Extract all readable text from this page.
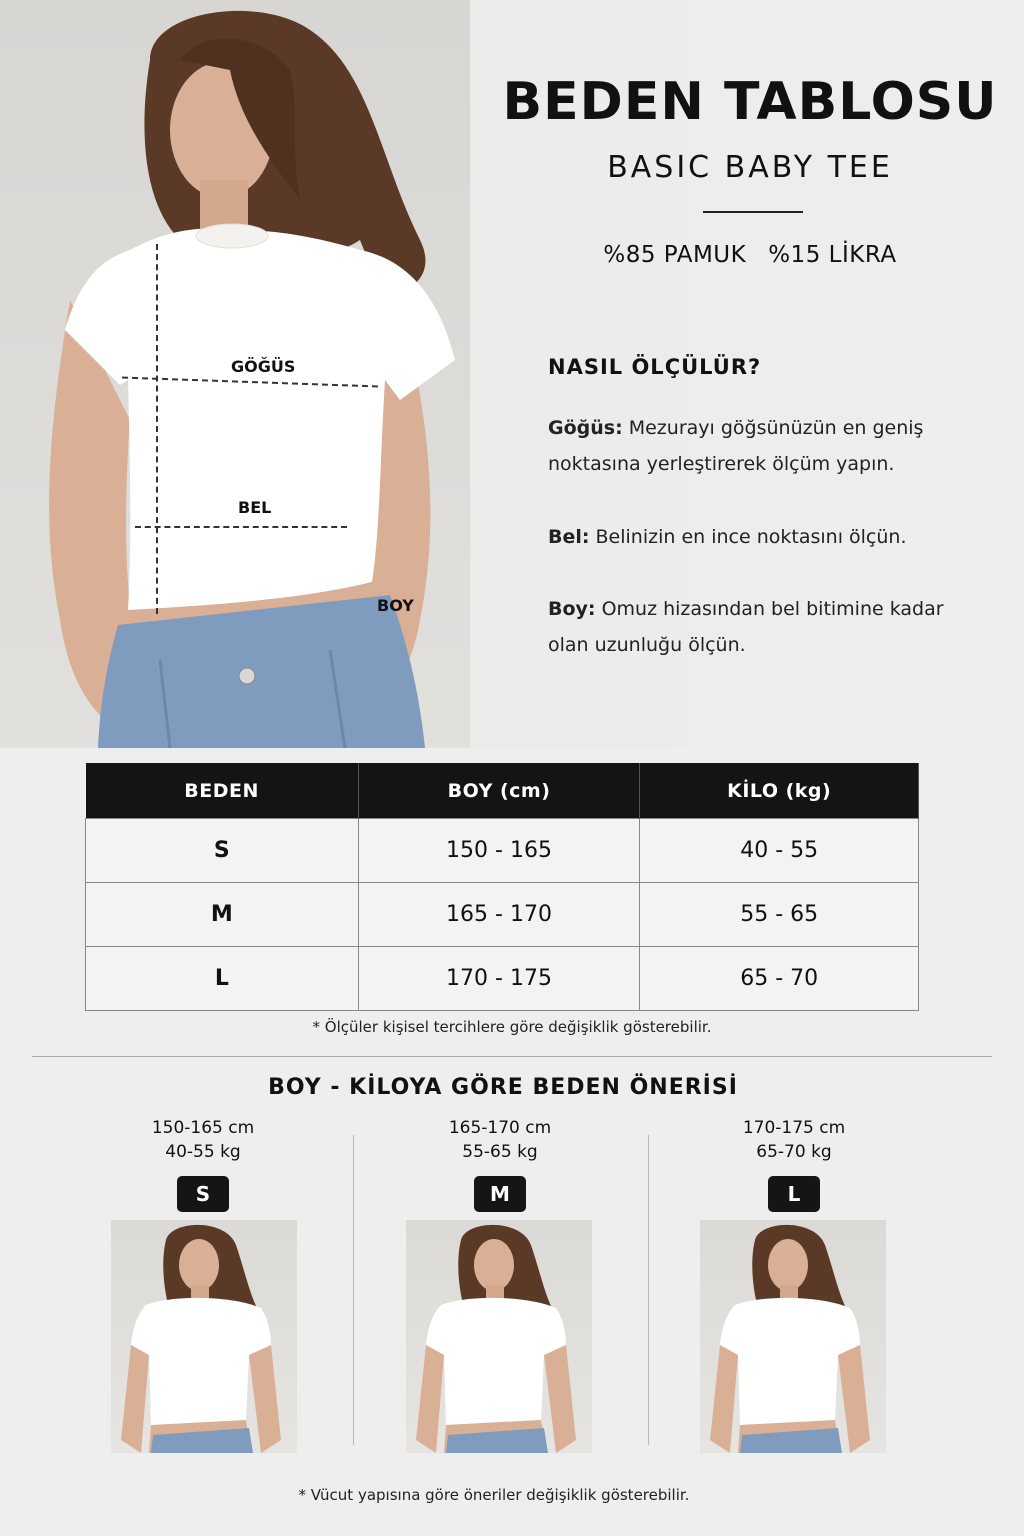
GÖĞÜS
BEL
BOY
BEDEN TABLOSU
BASIC BABY TEE
%85 PAMUK %15 LİKRA
NASIL ÖLÇÜLÜR?
Göğüs: Mezurayı göğsünüzün en geniş noktasına yerleştirerek ölçüm yapın.
Bel: Belinizin en ince noktasını ölçün.
Boy: Omuz hizasından bel bitimine kadar olan uzunluğu ölçün.
BEDEN	BOY (cm)	KİLO (kg)
S	150 - 165	40 - 55
M	165 - 170	55 - 65
L	170 - 175	65 - 70
* Ölçüler kişisel tercihlere göre değişiklik gösterebilir.
BOY - KİLOYA GÖRE BEDEN ÖNERİSİ
150-165 cm
40-55 kg
S
165-170 cm
55-65 kg
M
170-175 cm
65-70 kg
L
* Vücut yapısına göre öneriler değişiklik gösterebilir.
